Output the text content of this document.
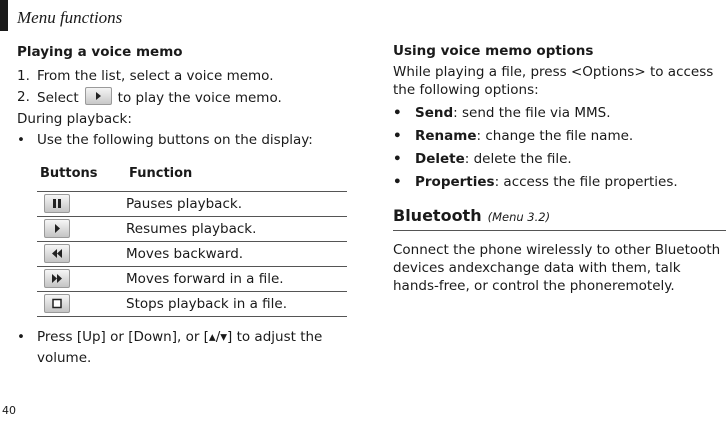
Menu functions
Playing a voice memo
1. From the list, select a voice memo.
2. Select	to play the voice memo.
During playback:
• Use the following buttons on the display:
Buttons	Function

	Pauses playback.

	Resumes playback.

	Moves backward.

	Moves forward in a file.

	Stops playback in a file.
• Press [Up] or [Down], or [▴/▾] to adjust the
volume.
Using voice memo options

While playing a file, press <Options> to access

the following options:

• Send: send the file via MMS.
• Rename: change the file name.
• Delete: delete the file.
• Properties: access the file properties.
Bluetooth (Menu 3.2)
Connect the phone wirelessly to other Bluetooth
devices andexchange data with them, talk
hands-free, or control the phoneremotely.
40
